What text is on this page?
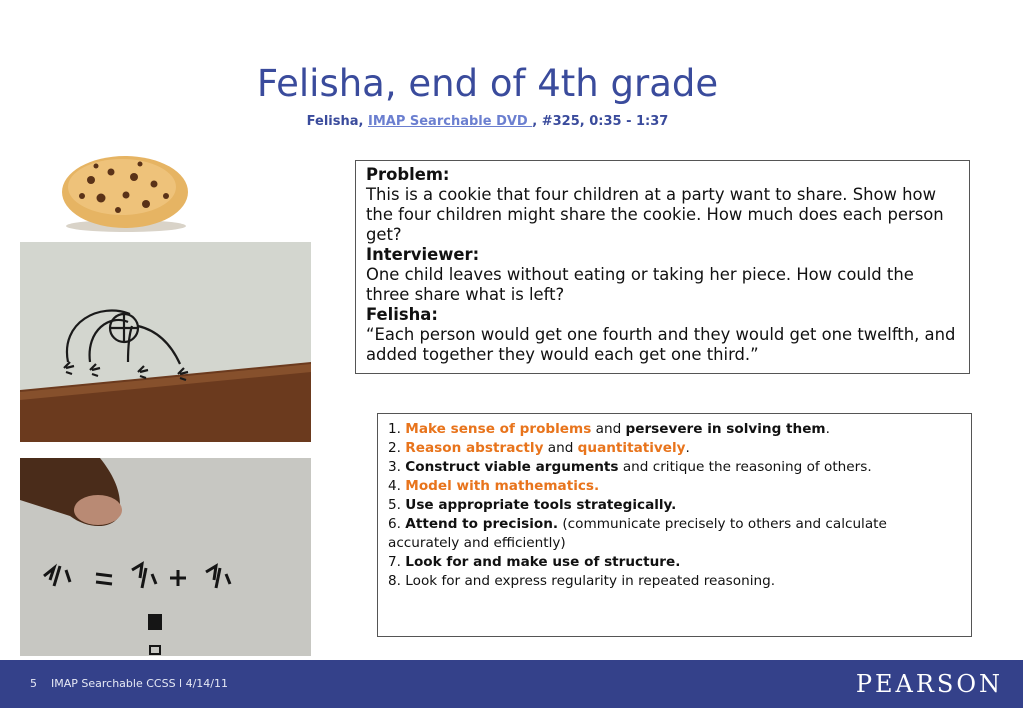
Felisha, end of 4th grade
Felisha, IMAP Searchable DVD , #325, 0:35 - 1:37
Problem:
This is a cookie that four children at a party want to share. Show how the four children might share the cookie. How much does each person get?
Interviewer:
One child leaves without eating or taking her piece. How could the three share what is left?
Felisha:
“Each person would get one fourth and they would get one twelfth, and added together they would each get one third.”
1. Make sense of problems and persevere in solving them.
2. Reason abstractly and quantitatively.
3. Construct viable arguments and critique the reasoning of others.
4. Model with mathematics.
5. Use appropriate tools strategically.
6. Attend to precision. (communicate precisely to others and calculate accurately and efficiently)
7. Look for and make use of structure.
8. Look for and express regularity in repeated reasoning.
5 IMAP Searchable CCSS l 4/14/11	PEARSON
